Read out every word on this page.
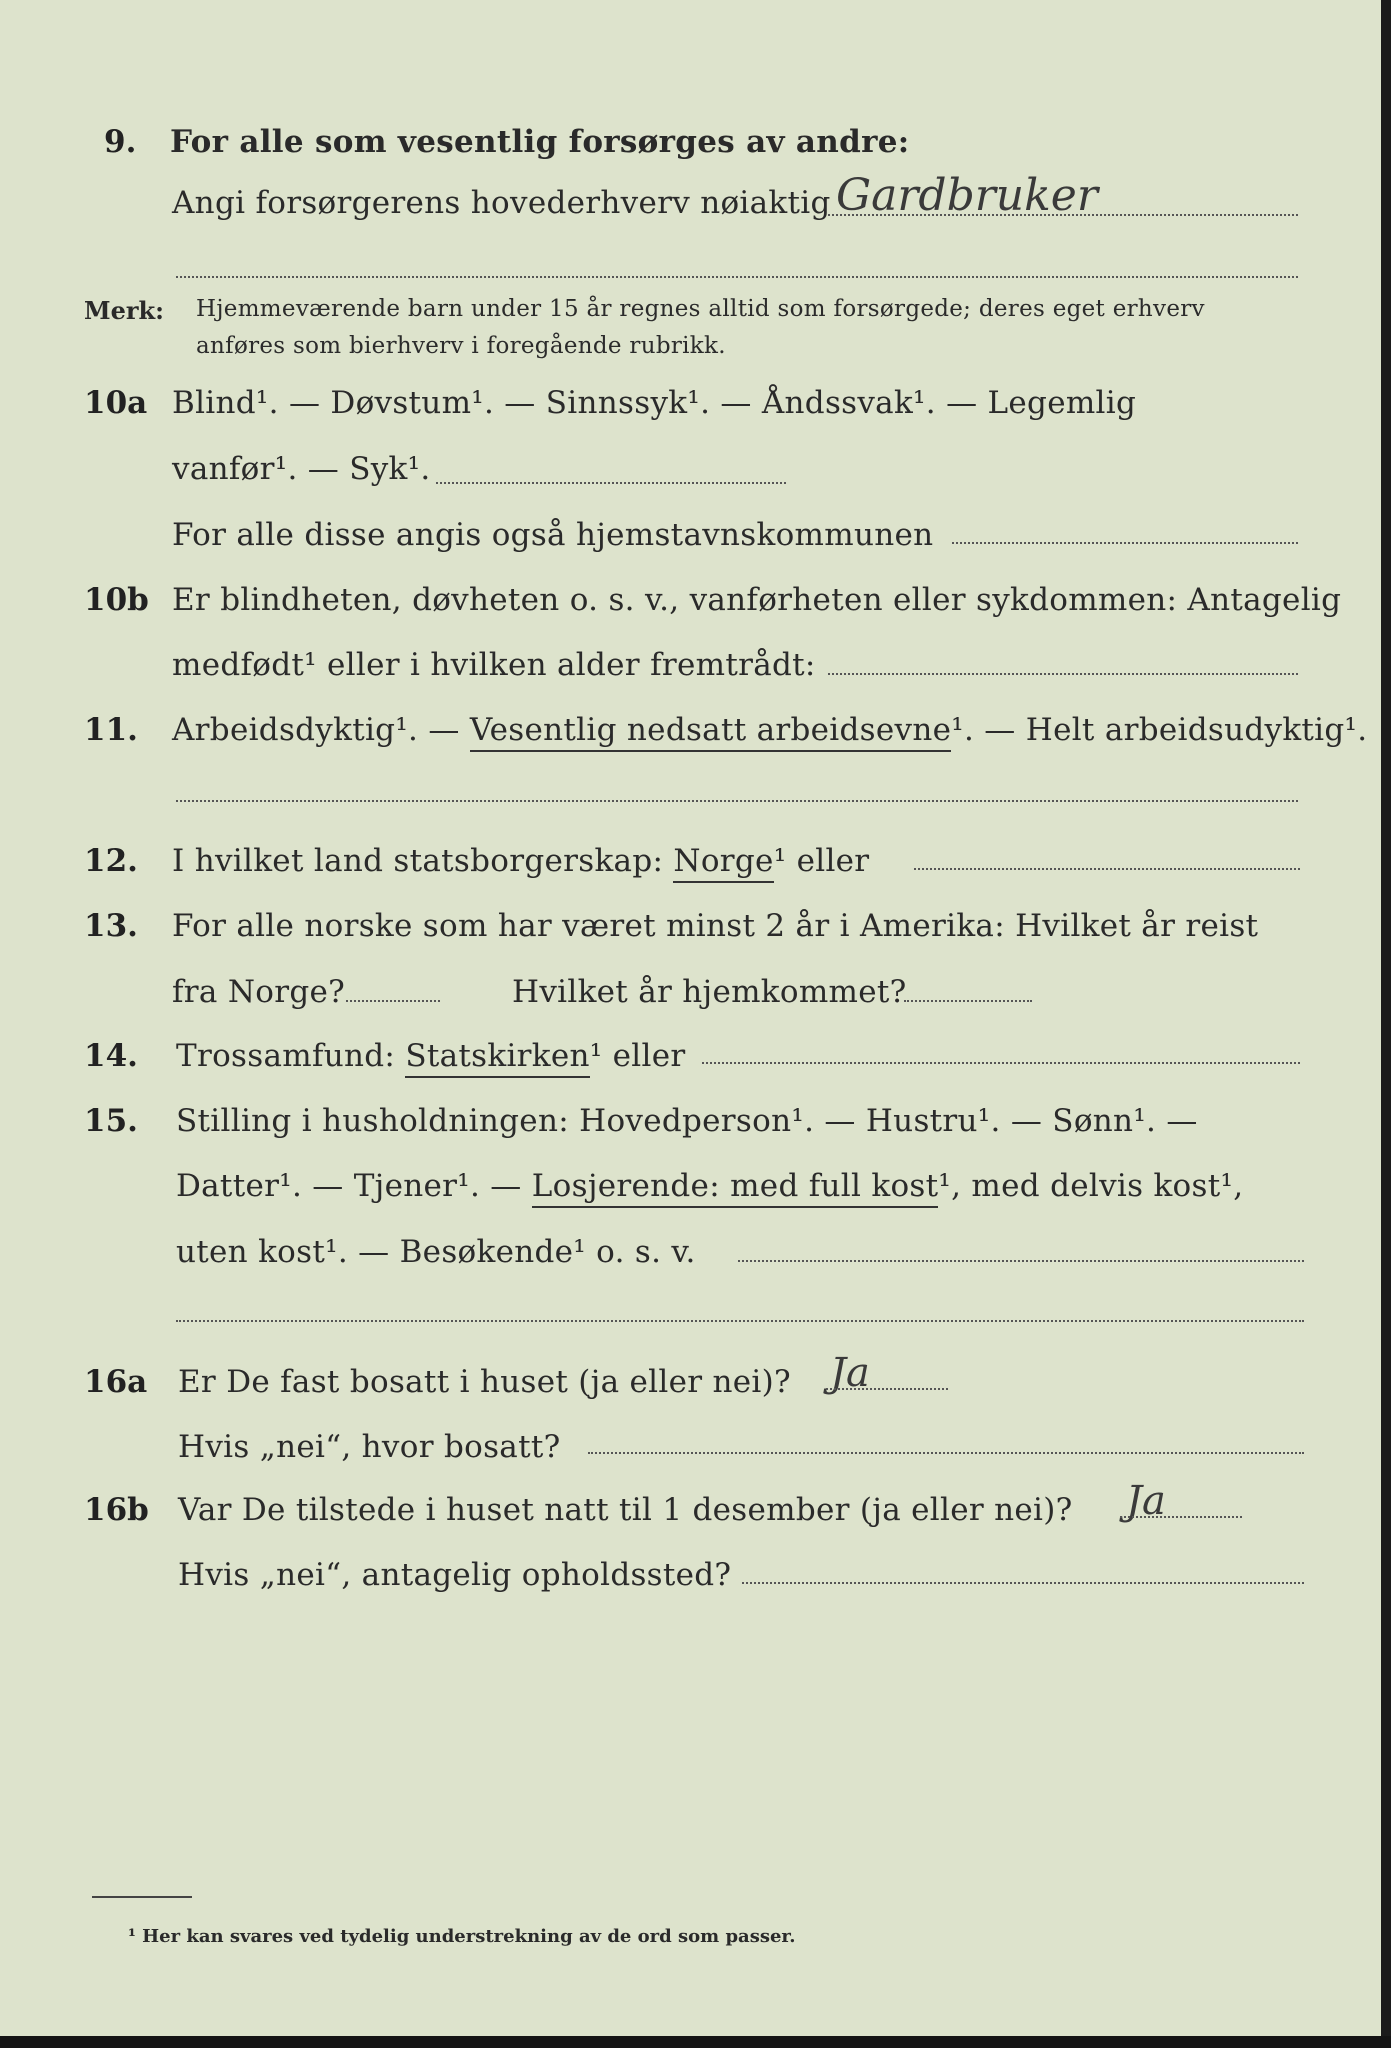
9. For alle som vesentlig forsørges av andre:
Angi forsørgerens hovederhverv nøiaktig Gardbruker
Merk: Hjemmeværende barn under 15 år regnes alltid som forsørgede; deres eget erhverv
anføres som bierhverv i foregående rubrikk.
10a Blind¹. — Døvstum¹. — Sinnssyk¹. — Åndssvak¹. — Legemlig
vanfør¹. — Syk¹.
For alle disse angis også hjemstavnskommunen
10b Er blindheten, døvheten o. s. v., vanførheten eller sykdommen: Antagelig
medfødt¹ eller i hvilken alder fremtrådt:
11. Arbeidsdyktig¹. — Vesentlig nedsatt arbeidsevne¹. — Helt arbeidsudyktig¹.
12. I hvilket land statsborgerskap: Norge¹ eller
13. For alle norske som har været minst 2 år i Amerika: Hvilket år reist
fra Norge?	Hvilket år hjemkommet?
14. Trossamfund: Statskirken¹ eller
15. Stilling i husholdningen: Hovedperson¹. — Hustru¹. — Sønn¹. —
Datter¹. — Tjener¹. — Losjerende: med full kost¹, med delvis kost¹,
uten kost¹. — Besøkende¹ o. s. v.
16a Er De fast bosatt i huset (ja eller nei)? Ja
Hvis „nei“, hvor bosatt?
16b Var De tilstede i huset natt til 1 desember (ja eller nei)? Ja
Hvis „nei“, antagelig opholdssted?
¹ Her kan svares ved tydelig understrekning av de ord som passer.
